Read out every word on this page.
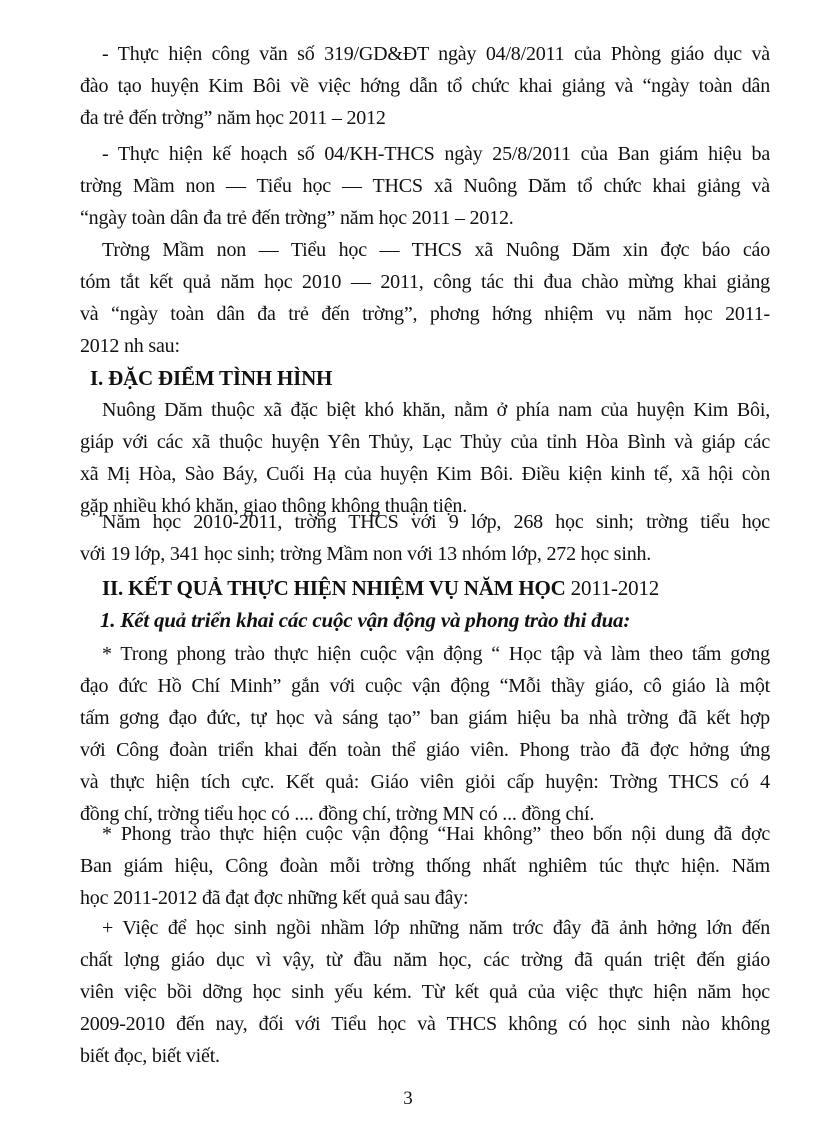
- Thực hiện công văn số 319/GD&ĐT ngày 04/8/2011 của Phòng giáo dục và
đào tạo huyện Kim Bôi về việc hớng dẫn tổ chức khai giảng và “ngày toàn dân
đa trẻ đến trờng” năm học 2011 ‒ 2012
- Thực hiện kế hoạch số 04/KH-THCS ngày 25/8/2011 của Ban giám hiệu ba
trờng Mầm non — Tiểu học — THCS xã Nuông Dăm tổ chức khai giảng và
“ngày toàn dân đa trẻ đến trờng” năm học 2011 ‒ 2012.
Trờng Mầm non — Tiểu học — THCS xã Nuông Dăm xin đợc báo cáo
tóm tắt kết quả năm học 2010 — 2011, công tác thi đua chào mừng khai giảng
và “ngày toàn dân đa trẻ đến trờng”, phơng hớng nhiệm vụ năm học 2011-
2012 nh sau:
I. ĐẶC ĐIỂM TÌNH HÌNH
Nuông Dăm thuộc xã đặc biệt khó khăn, nằm ở phía nam của huyện Kim Bôi,
giáp với các xã thuộc huyện Yên Thủy, Lạc Thủy của tỉnh Hòa Bình và giáp các
xã Mị Hòa, Sào Báy, Cuối Hạ của huyện Kim Bôi. Điều kiện kinh tế, xã hội còn
gặp nhiều khó khăn, giao thông không thuận tiện.
Năm học 2010-2011, trờng THCS với 9 lớp, 268 học sinh; trờng tiểu học
với 19 lớp, 341 học sinh; trờng Mầm non với 13 nhóm lớp, 272 học sinh.
II. KẾT QUẢ THỰC HIỆN NHIỆM VỤ NĂM HỌC 2011-2012
1. Kết quả triển khai các cuộc vận động và phong trào thi đua:
* Trong phong trào thực hiện cuộc vận động “ Học tập và làm theo tấm gơng
đạo đức Hồ Chí Minh” gắn với cuộc vận động “Mỗi thầy giáo, cô giáo là một
tấm gơng đạo đức, tự học và sáng tạo” ban giám hiệu ba nhà trờng đã kết hợp
với Công đoàn triển khai đến toàn thể giáo viên. Phong trào đã đợc hởng ứng
và thực hiện tích cực. Kết quả: Giáo viên giỏi cấp huyện: Trờng THCS có 4
đồng chí, trờng tiểu học có .... đồng chí, trờng MN có ... đồng chí.
* Phong trào thực hiện cuộc vận động “Hai không” theo bốn nội dung đã đợc
Ban giám hiệu, Công đoàn mỗi trờng thống nhất nghiêm túc thực hiện. Năm
học 2011-2012 đã đạt đợc những kết quả sau đây:
+ Việc để học sinh ngồi nhầm lớp những năm trớc đây đã ảnh hởng lớn đến
chất lợng giáo dục vì vậy, từ đầu năm học, các trờng đã quán triệt đến giáo
viên việc bồi dỡng học sinh yếu kém. Từ kết quả của việc thực hiện năm học
2009-2010 đến nay, đối với Tiểu học và THCS không có học sinh nào không
biết đọc, biết viết.
3
